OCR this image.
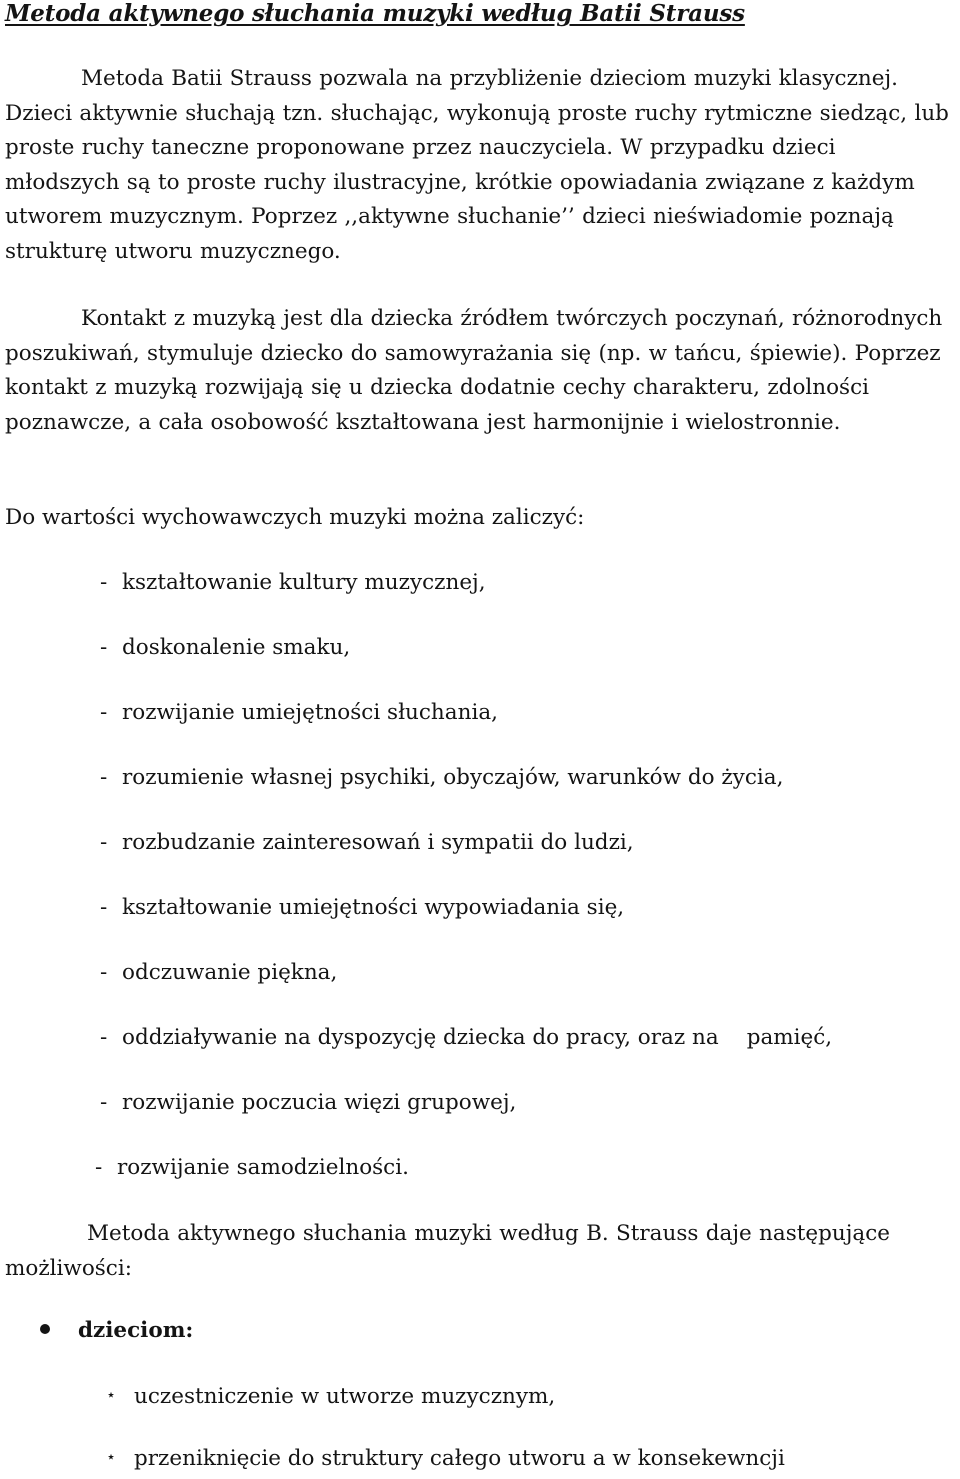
Metoda aktywnego słuchania muzyki według Batii Strauss
Metoda Batii Strauss pozwala na przybliżenie dzieciom muzyki klasycznej. Dzieci aktywnie słuchają tzn. słuchając, wykonują proste ruchy rytmiczne siedząc, lub proste ruchy taneczne proponowane przez nauczyciela. W przypadku dzieci młodszych są to proste ruchy ilustracyjne, krótkie opowiadania związane z każdym utworem muzycznym. Poprzez ,,aktywne słuchanie’’ dzieci nieświadomie poznają strukturę utworu muzycznego.
Kontakt z muzyką jest dla dziecka źródłem twórczych poczynań, różnorodnych poszukiwań, stymuluje dziecko do samowyrażania się (np. w tańcu, śpiewie). Poprzez kontakt z muzyką rozwijają się u dziecka dodatnie cechy charakteru, zdolności poznawcze, a cała osobowość kształtowana jest harmonijnie i wielostronnie.
Do wartości wychowawczych muzyki można zaliczyć:
- kształtowanie kultury muzycznej,
- doskonalenie smaku,
- rozwijanie umiejętności słuchania,
- rozumienie własnej psychiki, obyczajów, warunków do życia,
- rozbudzanie zainteresowań i sympatii do ludzi,
- kształtowanie umiejętności wypowiadania się,
- odczuwanie piękna,
- oddziaływanie na dyspozycję dziecka do pracy, oraz na pamięć,
- rozwijanie poczucia więzi grupowej,
- rozwijanie samodzielności.
Metoda aktywnego słuchania muzyki według B. Strauss daje następujące możliwości:
dzieciom:
⋆ uczestniczenie w utworze muzycznym,
⋆ przeniknięcie do struktury całego utworu a w konsekewncji
